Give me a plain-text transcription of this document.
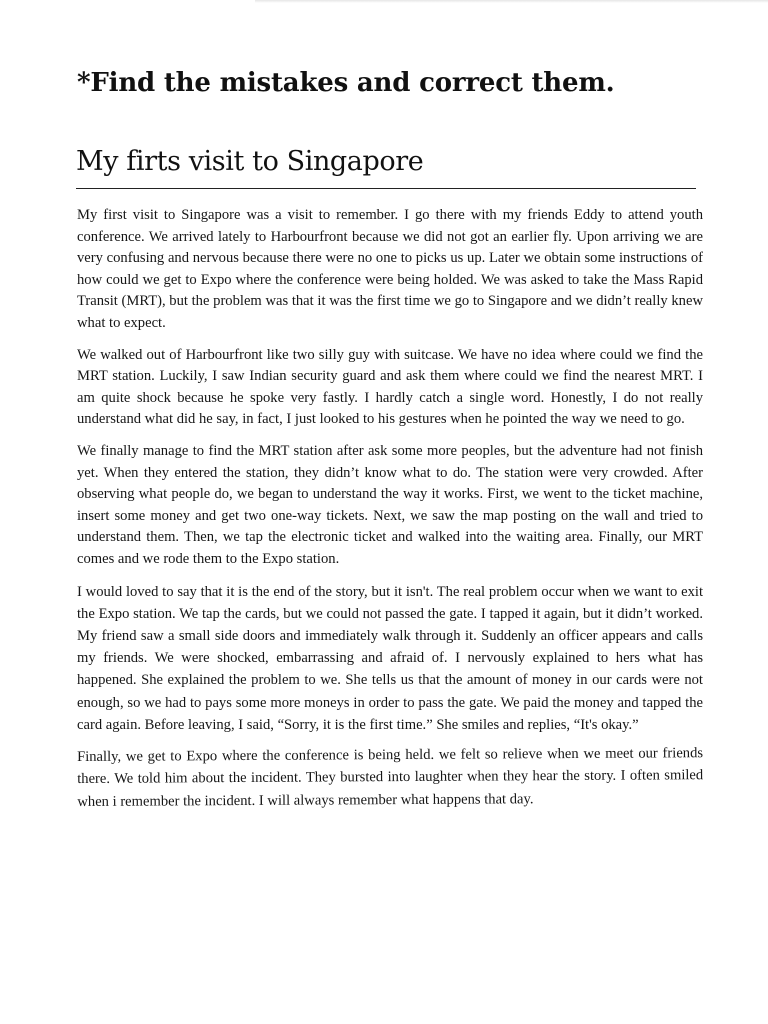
*Find the mistakes and correct them.
My firts visit to Singapore

My first visit to Singapore was a visit to remember. I go there with my friends Eddy to attend youth conference. We arrived lately to Harbourfront because we did not got an earlier fly. Upon arriving we are very confusing and nervous because there were no one to picks us up. Later we obtain some instructions of how could we get to Expo where the conference were being holded. We was asked to take the Mass Rapid Transit (MRT), but the problem was that it was the first time we go to Singapore and we didn’t really knew what to expect.

We walked out of Harbourfront like two silly guy with suitcase. We have no idea where could we find the MRT station. Luckily, I saw Indian security guard and ask them where could we find the nearest MRT. I am quite shock because he spoke very fastly. I hardly catch a single word. Honestly, I do not really understand what did he say, in fact, I just looked to his gestures when he pointed the way we need to go.

We finally manage to find the MRT station after ask some more peoples, but the adventure had not finish yet. When they entered the station, they didn’t know what to do. The station were very crowded. After observing what people do, we began to understand the way it works. First, we went to the ticket machine, insert some money and get two one-way tickets. Next, we saw the map posting on the wall and tried to understand them. Then, we tap the electronic ticket and walked into the waiting area. Finally, our MRT comes and we rode them to the Expo station.

I would loved to say that it is the end of the story, but it isn't. The real problem occur when we want to exit the Expo station. We tap the cards, but we could not passed the gate. I tapped it again, but it didn’t worked. My friend saw a small side doors and immediately walk through it. Suddenly an officer appears and calls my friends. We were shocked, embarrassing and afraid of. I nervously explained to hers what has happened. She explained the problem to we. She tells us that the amount of money in our cards were not enough, so we had to pays some more moneys in order to pass the gate. We paid the money and tapped the card again. Before leaving, I said, “Sorry, it is the first time.” She smiles and replies, “It's okay.”

Finally, we get to Expo where the conference is being held. we felt so relieve when we meet our friends there. We told him about the incident. They bursted into laughter when they hear the story. I often smiled when i remember the incident. I will always remember what happens that day.
